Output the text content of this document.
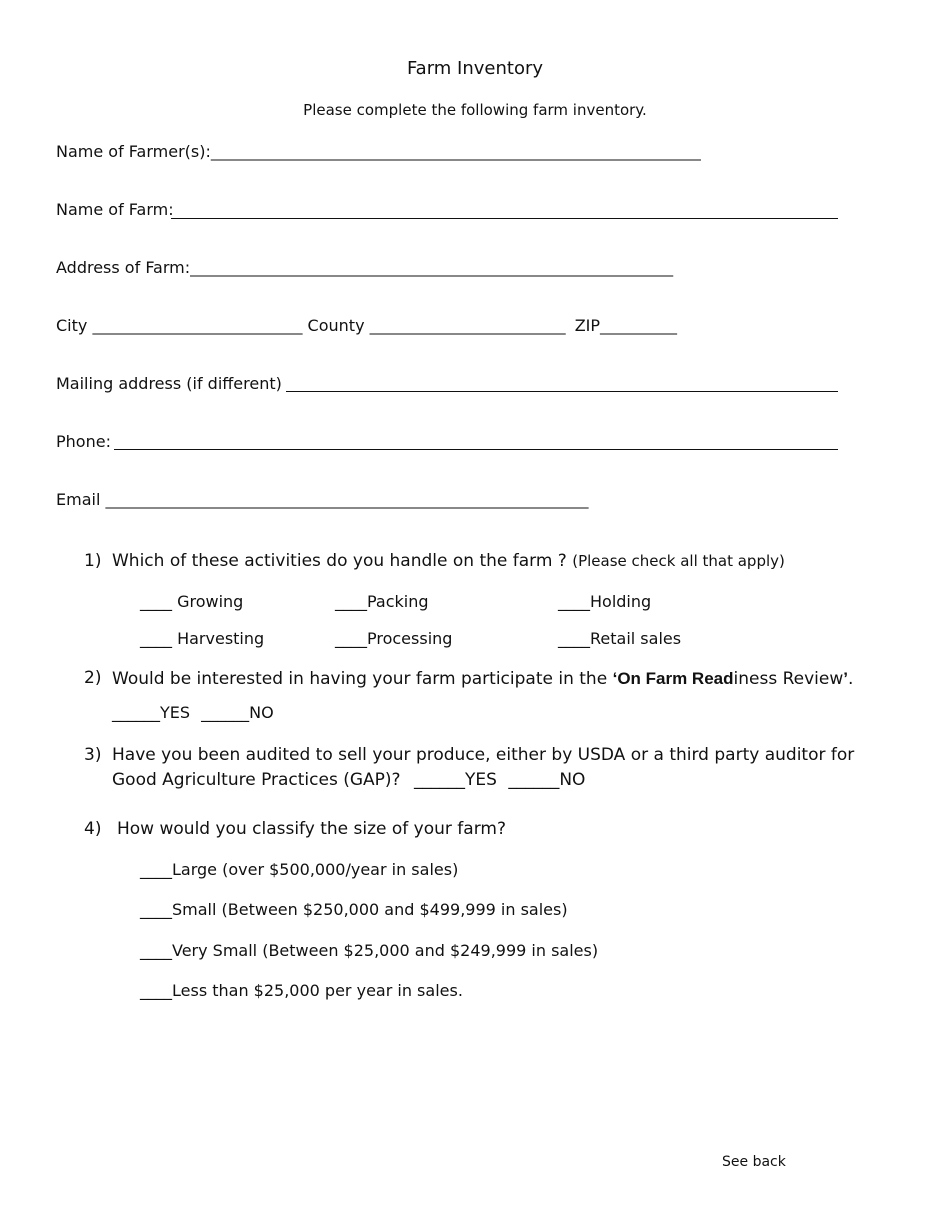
Farm Inventory
Please complete the following farm inventory.
Name of Farmer(s):______________________________________________________________________
Name of Farm:
Address of Farm:_____________________________________________________________________
City ______________________________ County ____________________________ ZIP___________
Mailing address (if different)
Phone:
Email _____________________________________________________________________
1) Which of these activities do you handle on the farm ? (Please check all that apply)
____ Growing	____Packing	____Holding
____ Harvesting	____Processing	____Retail sales
2) Would be interested in having your farm participate in the ‘On Farm Readiness Review’.
______YES ______NO
3) Have you been audited to sell your produce, either by USDA or a third party auditor for
Good Agriculture Practices (GAP)? ______YES ______NO
4) How would you classify the size of your farm?
____Large (over $500,000/year in sales)
____Small (Between $250,000 and $499,999 in sales)
____Very Small (Between $25,000 and $249,999 in sales)
____Less than $25,000 per year in sales.
See back
